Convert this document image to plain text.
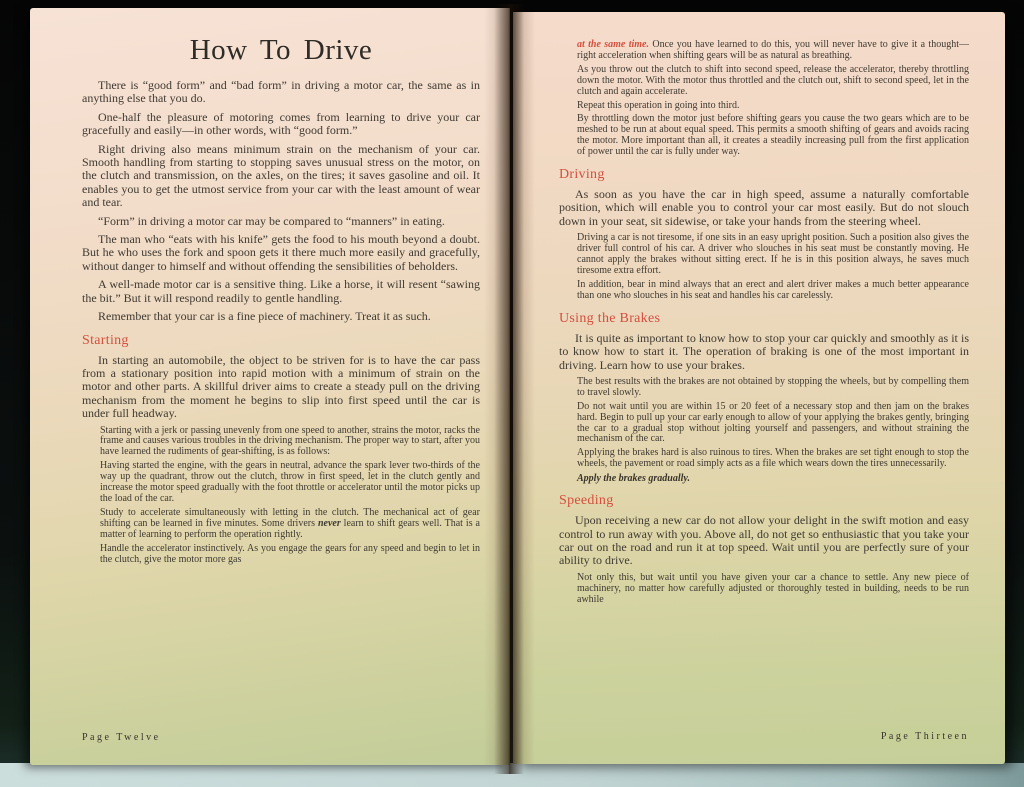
How To Drive

There is “good form” and “bad form” in driving a motor car, the same as in anything else that you do.

One-half the pleasure of motoring comes from learning to drive your car gracefully and easily—in other words, with “good form.”

Right driving also means minimum strain on the mechanism of your car. Smooth handling from starting to stopping saves unusual stress on the motor, on the clutch and transmission, on the axles, on the tires; it saves gasoline and oil. It enables you to get the utmost service from your car with the least amount of wear and tear.

“Form” in driving a motor car may be compared to “manners” in eating.

The man who “eats with his knife” gets the food to his mouth beyond a doubt. But he who uses the fork and spoon gets it there much more easily and gracefully, without danger to himself and without offending the sensibilities of beholders.

A well-made motor car is a sensitive thing. Like a horse, it will resent “sawing the bit.” But it will respond readily to gentle handling.

Remember that your car is a fine piece of machinery. Treat it as such.

Starting

In starting an automobile, the object to be striven for is to have the car pass from a stationary position into rapid motion with a minimum of strain on the motor and other parts. A skillful driver aims to create a steady pull on the driving mechanism from the moment he begins to slip into first speed until the car is under full headway.

Starting with a jerk or passing unevenly from one speed to another, strains the motor, racks the frame and causes various troubles in the driving mechanism. The proper way to start, after you have learned the rudiments of gear-shifting, is as follows:

Having started the engine, with the gears in neutral, advance the spark lever two-thirds of the way up the quadrant, throw out the clutch, throw in first speed, let in the clutch gently and increase the motor speed gradually with the foot throttle or accelerator until the motor picks up the load of the car.

Study to accelerate simultaneously with letting in the clutch. The mechanical act of gear shifting can be learned in five minutes. Some drivers never learn to shift gears well. That is a matter of learning to perform the operation rightly.

Handle the accelerator instinctively. As you engage the gears for any speed and begin to let in the clutch, give the motor more gas

Page Twelve

at the same time. Once you have learned to do this, you will never have to give it a thought—right acceleration when shifting gears will be as natural as breathing.

As you throw out the clutch to shift into second speed, release the accelerator, thereby throttling down the motor. With the motor thus throttled and the clutch out, shift to second speed, let in the clutch and again accelerate.

Repeat this operation in going into third.

By throttling down the motor just before shifting gears you cause the two gears which are to be meshed to be run at about equal speed. This permits a smooth shifting of gears and avoids racing the motor. More important than all, it creates a steadily increasing pull from the first application of power until the car is fully under way.

Driving

As soon as you have the car in high speed, assume a naturally comfortable position, which will enable you to control your car most easily. But do not slouch down in your seat, sit sidewise, or take your hands from the steering wheel.

Driving a car is not tiresome, if one sits in an easy upright position. Such a position also gives the driver full control of his car. A driver who slouches in his seat must be constantly moving. He cannot apply the brakes without sitting erect. If he is in this position always, he saves much tiresome extra effort.

In addition, bear in mind always that an erect and alert driver makes a much better appearance than one who slouches in his seat and handles his car carelessly.

Using the Brakes

It is quite as important to know how to stop your car quickly and smoothly as it is to know how to start it. The operation of braking is one of the most important in driving. Learn how to use your brakes.

The best results with the brakes are not obtained by stopping the wheels, but by compelling them to travel slowly.

Do not wait until you are within 15 or 20 feet of a necessary stop and then jam on the brakes hard. Begin to pull up your car early enough to allow of your applying the brakes gently, bringing the car to a gradual stop without jolting yourself and passengers, and without straining the mechanism of the car.

Applying the brakes hard is also ruinous to tires. When the brakes are set tight enough to stop the wheels, the pavement or road simply acts as a file which wears down the tires unnecessarily.

Apply the brakes gradually.

Speeding

Upon receiving a new car do not allow your delight in the swift motion and easy control to run away with you. Above all, do not get so enthusiastic that you take your car out on the road and run it at top speed. Wait until you are perfectly sure of your ability to drive.

Not only this, but wait until you have given your car a chance to settle. Any new piece of machinery, no matter how carefully adjusted or thoroughly tested in building, needs to be run awhile

Page Thirteen
